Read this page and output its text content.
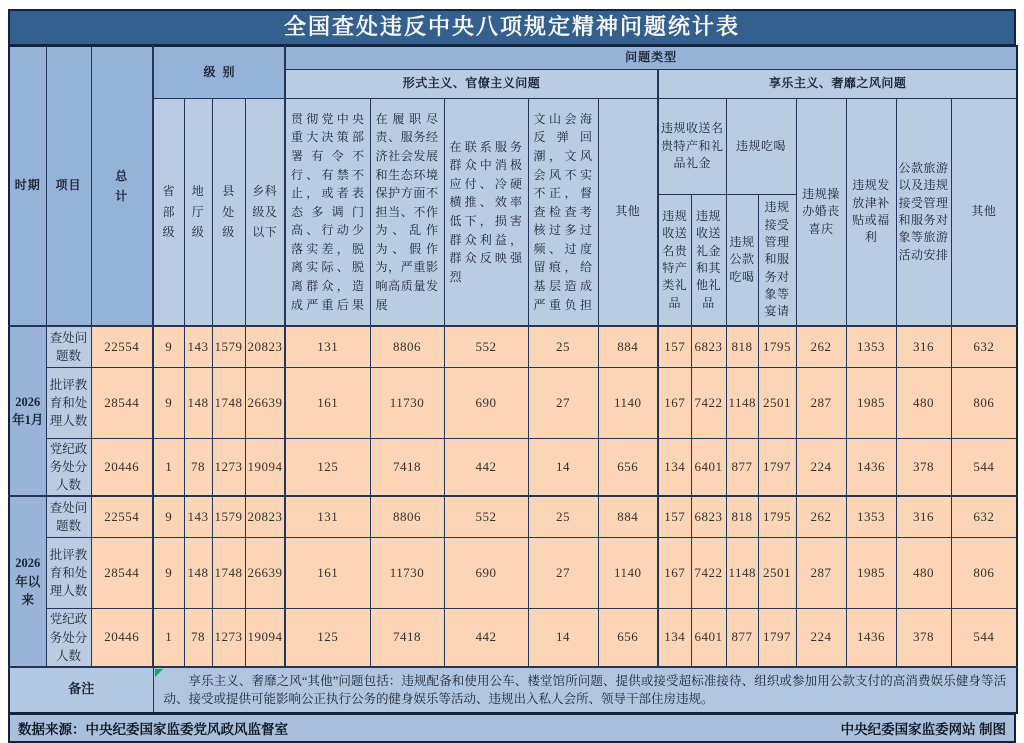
全国查处违反中央八项规定精神问题统计表
时期	项目	总计	级别				问题类型												
							形式主义、官僚主义问题					享乐主义、奢靡之风问题							
			省部级	地厅级	县处级	乡科级及以下	贯彻党中央重大决策部署有令不行、有禁不止，或者表态多调门高、行动少落实差，脱离实际、脱离群众，造成严重后果	在履职尽责、服务经济社会发展和生态环境保护方面不担当、不作为、乱作为、假作为，严重影响高质量发展	在联系服务群众中消极应付、冷硬横推、效率低下，损害群众利益，群众反映强烈	文山会海反弹回潮，文风会风不实不正，督查检查考核过多过频、过度留痕，给基层造成严重负担	其他	违规收送名贵特产和礼品礼金		违规吃喝		违规操办婚丧喜庆	违规发放津补贴或福利	公款旅游以及违规接受管理和服务对象等旅游活动安排	其他
												违规收送名贵特产类礼品	违规收送礼金和其他礼品	违规公款吃喝	违规接受管理和服务对象等宴请				
2026年1月	查处问题数	22554	9	143	1579	20823	131	8806	552	25	884	157	6823	818	1795	262	1353	316	632
	批评教育和处理人数	28544	9	148	1748	26639	161	11730	690	27	1140	167	7422	1148	2501	287	1985	480	806
	党纪政务处分人数	20446	1	78	1273	19094	125	7418	442	14	656	134	6401	877	1797	224	1436	378	544
2026年以来	查处问题数	22554	9	143	1579	20823	131	8806	552	25	884	157	6823	818	1795	262	1353	316	632
	批评教育和处理人数	28544	9	148	1748	26639	161	11730	690	27	1140	167	7422	1148	2501	287	1985	480	806
	党纪政务处分人数	20446	1	78	1273	19094	125	7418	442	14	656	134	6401	877	1797	224	1436	378	544
备注			享乐主义、奢靡之风“其他”问题包括：违规配备和使用公车、楼堂馆所问题、提供或接受超标准接待、组织或参加用公款支付的高消费娱乐健身等活动、接受或提供可能影响公正执行公务的健身娱乐等活动、违规出入私人会所、领导干部住房违规。																

数据来源：中央纪委国家监委党风政风监督室	中央纪委国家监委网站 制图
